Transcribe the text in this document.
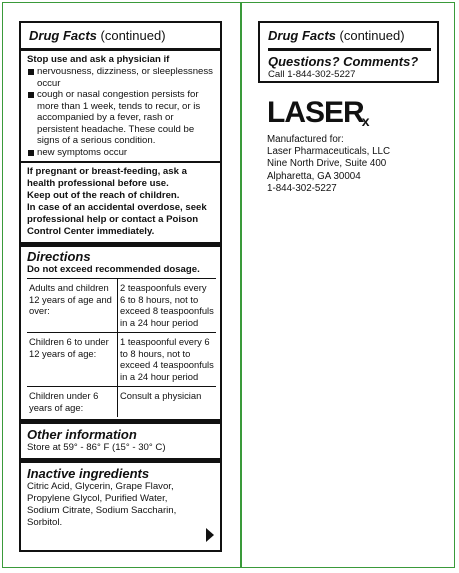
Drug Facts (continued)
Stop use and ask a physician if
nervousness, dizziness, or sleeplessness occur
cough or nasal congestion persists for more than 1 week, tends to recur, or is accompanied by a fever, rash or persistent headache. These could be signs of a serious condition.
new symptoms occur
If pregnant or breast-feeding, ask a health professional before use.
Keep out of the reach of children.
In case of an accidental overdose, seek professional help or contact a Poison Control Center immediately.
Directions
Do not exceed recommended dosage.
Adults and children 12 years of age and over:	2 teaspoonfuls every 6 to 8 hours, not to exceed 8 teaspoonfuls in a 24 hour period
Children 6 to under 12 years of age:	1 teaspoonful every 6 to 8 hours, not to exceed 4 teaspoonfuls in a 24 hour period
Children under 6 years of age:	Consult a physician
Other information
Store at 59° - 86° F (15° - 30° C)
Inactive ingredients
Citric Acid, Glycerin, Grape Flavor, Propylene Glycol, Purified Water, Sodium Citrate, Sodium Saccharin, Sorbitol.
Drug Facts (continued)
Questions? Comments?
Call 1-844-302-5227
LASERx
Manufactured for:
Laser Pharmaceuticals, LLC
Nine North Drive, Suite 400
Alpharetta, GA 30004
1-844-302-5227
